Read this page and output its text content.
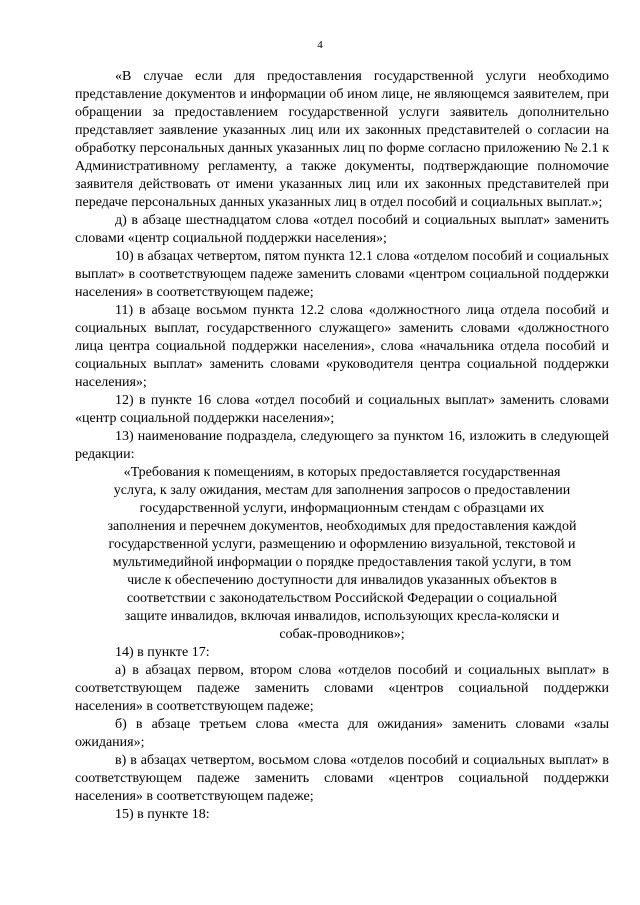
4

«В случае если для предоставления государственной услуги необходимо представление документов и информации об ином лице, не являющемся заявителем, при обращении за предоставлением государственной услуги заявитель дополнительно представляет заявление указанных лиц или их законных представителей о согласии на обработку персональных данных указанных лиц по форме согласно приложению № 2.1 к Административному регламенту, а также документы, подтверждающие полномочие заявителя действовать от имени указанных лиц или их законных представителей при передаче персональных данных указанных лиц в отдел пособий и социальных выплат.»;

д) в абзаце шестнадцатом слова «отдел пособий и социальных выплат» заменить словами «центр социальной поддержки населения»;

10) в абзацах четвертом, пятом пункта 12.1 слова «отделом пособий и социальных выплат» в соответствующем падеже заменить словами «центром социальной поддержки населения» в соответствующем падеже;

11) в абзаце восьмом пункта 12.2 слова «должностного лица отдела пособий и социальных выплат, государственного служащего» заменить словами «должностного лица центра социальной поддержки населения», слова «начальника отдела пособий и социальных выплат» заменить словами «руководителя центра социальной поддержки населения»;

12) в пункте 16 слова «отдел пособий и социальных выплат» заменить словами «центр социальной поддержки населения»;

13) наименование подраздела, следующего за пунктом 16, изложить в следующей редакции:

«Требования к помещениям, в которых предоставляется государственная услуга, к залу ожидания, местам для заполнения запросов о предоставлении государственной услуги, информационным стендам с образцами их заполнения и перечнем документов, необходимых для предоставления каждой государственной услуги, размещению и оформлению визуальной, текстовой и мультимедийной информации о порядке предоставления такой услуги, в том числе к обеспечению доступности для инвалидов указанных объектов в соответствии с законодательством Российской Федерации о социальной защите инвалидов, включая инвалидов, использующих кресла-коляски и собак-проводников»;

14) в пункте 17:

а) в абзацах первом, втором слова «отделов пособий и социальных выплат» в соответствующем падеже заменить словами «центров социальной поддержки населения» в соответствующем падеже;

б) в абзаце третьем слова «места для ожидания» заменить словами «залы ожидания»;

в) в абзацах четвертом, восьмом слова «отделов пособий и социальных выплат» в соответствующем падеже заменить словами «центров социальной поддержки населения» в соответствующем падеже;

15) в пункте 18:
